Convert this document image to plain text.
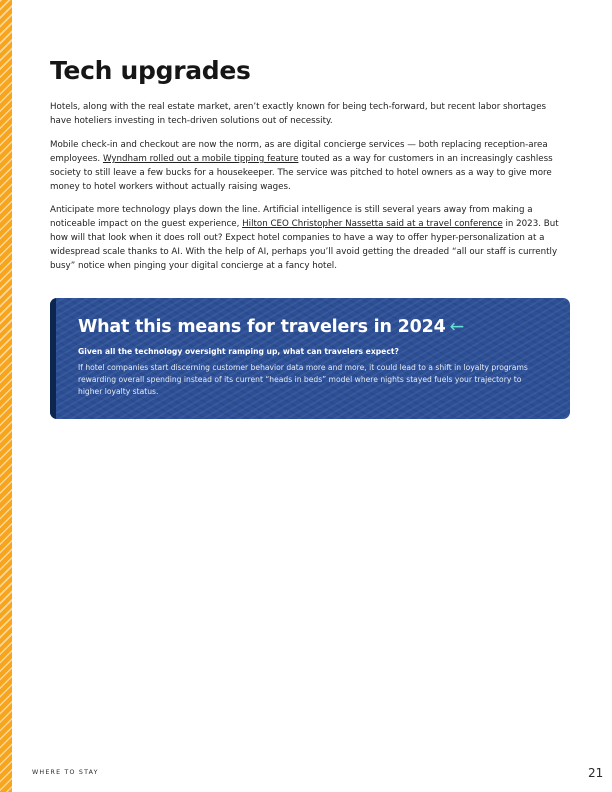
Tech upgrades

Hotels, along with the real estate market, aren’t exactly known for being tech-forward, but recent labor shortages have hoteliers investing in tech-driven solutions out of necessity.

Mobile check-in and checkout are now the norm, as are digital concierge services — both replacing reception-area employees. Wyndham rolled out a mobile tipping feature touted as a way for customers in an increasingly cashless society to still leave a few bucks for a housekeeper. The service was pitched to hotel owners as a way to give more money to hotel workers without actually raising wages.

Anticipate more technology plays down the line. Artificial intelligence is still several years away from making a noticeable impact on the guest experience, Hilton CEO Christopher Nassetta said at a travel conference in 2023. But how will that look when it does roll out? Expect hotel companies to have a way to offer hyper-personalization at a widespread scale thanks to AI. With the help of AI, perhaps you’ll avoid getting the dreaded “all our staff is currently busy” notice when pinging your digital concierge at a fancy hotel.

What this means for travelers in 2024 ←

Given all the technology oversight ramping up, what can travelers expect?

If hotel companies start discerning customer behavior data more and more, it could lead to a shift in loyalty programs rewarding overall spending instead of its current “heads in beds” model where nights stayed fuels your trajectory to higher loyalty status.

WHERE TO STAY	21
